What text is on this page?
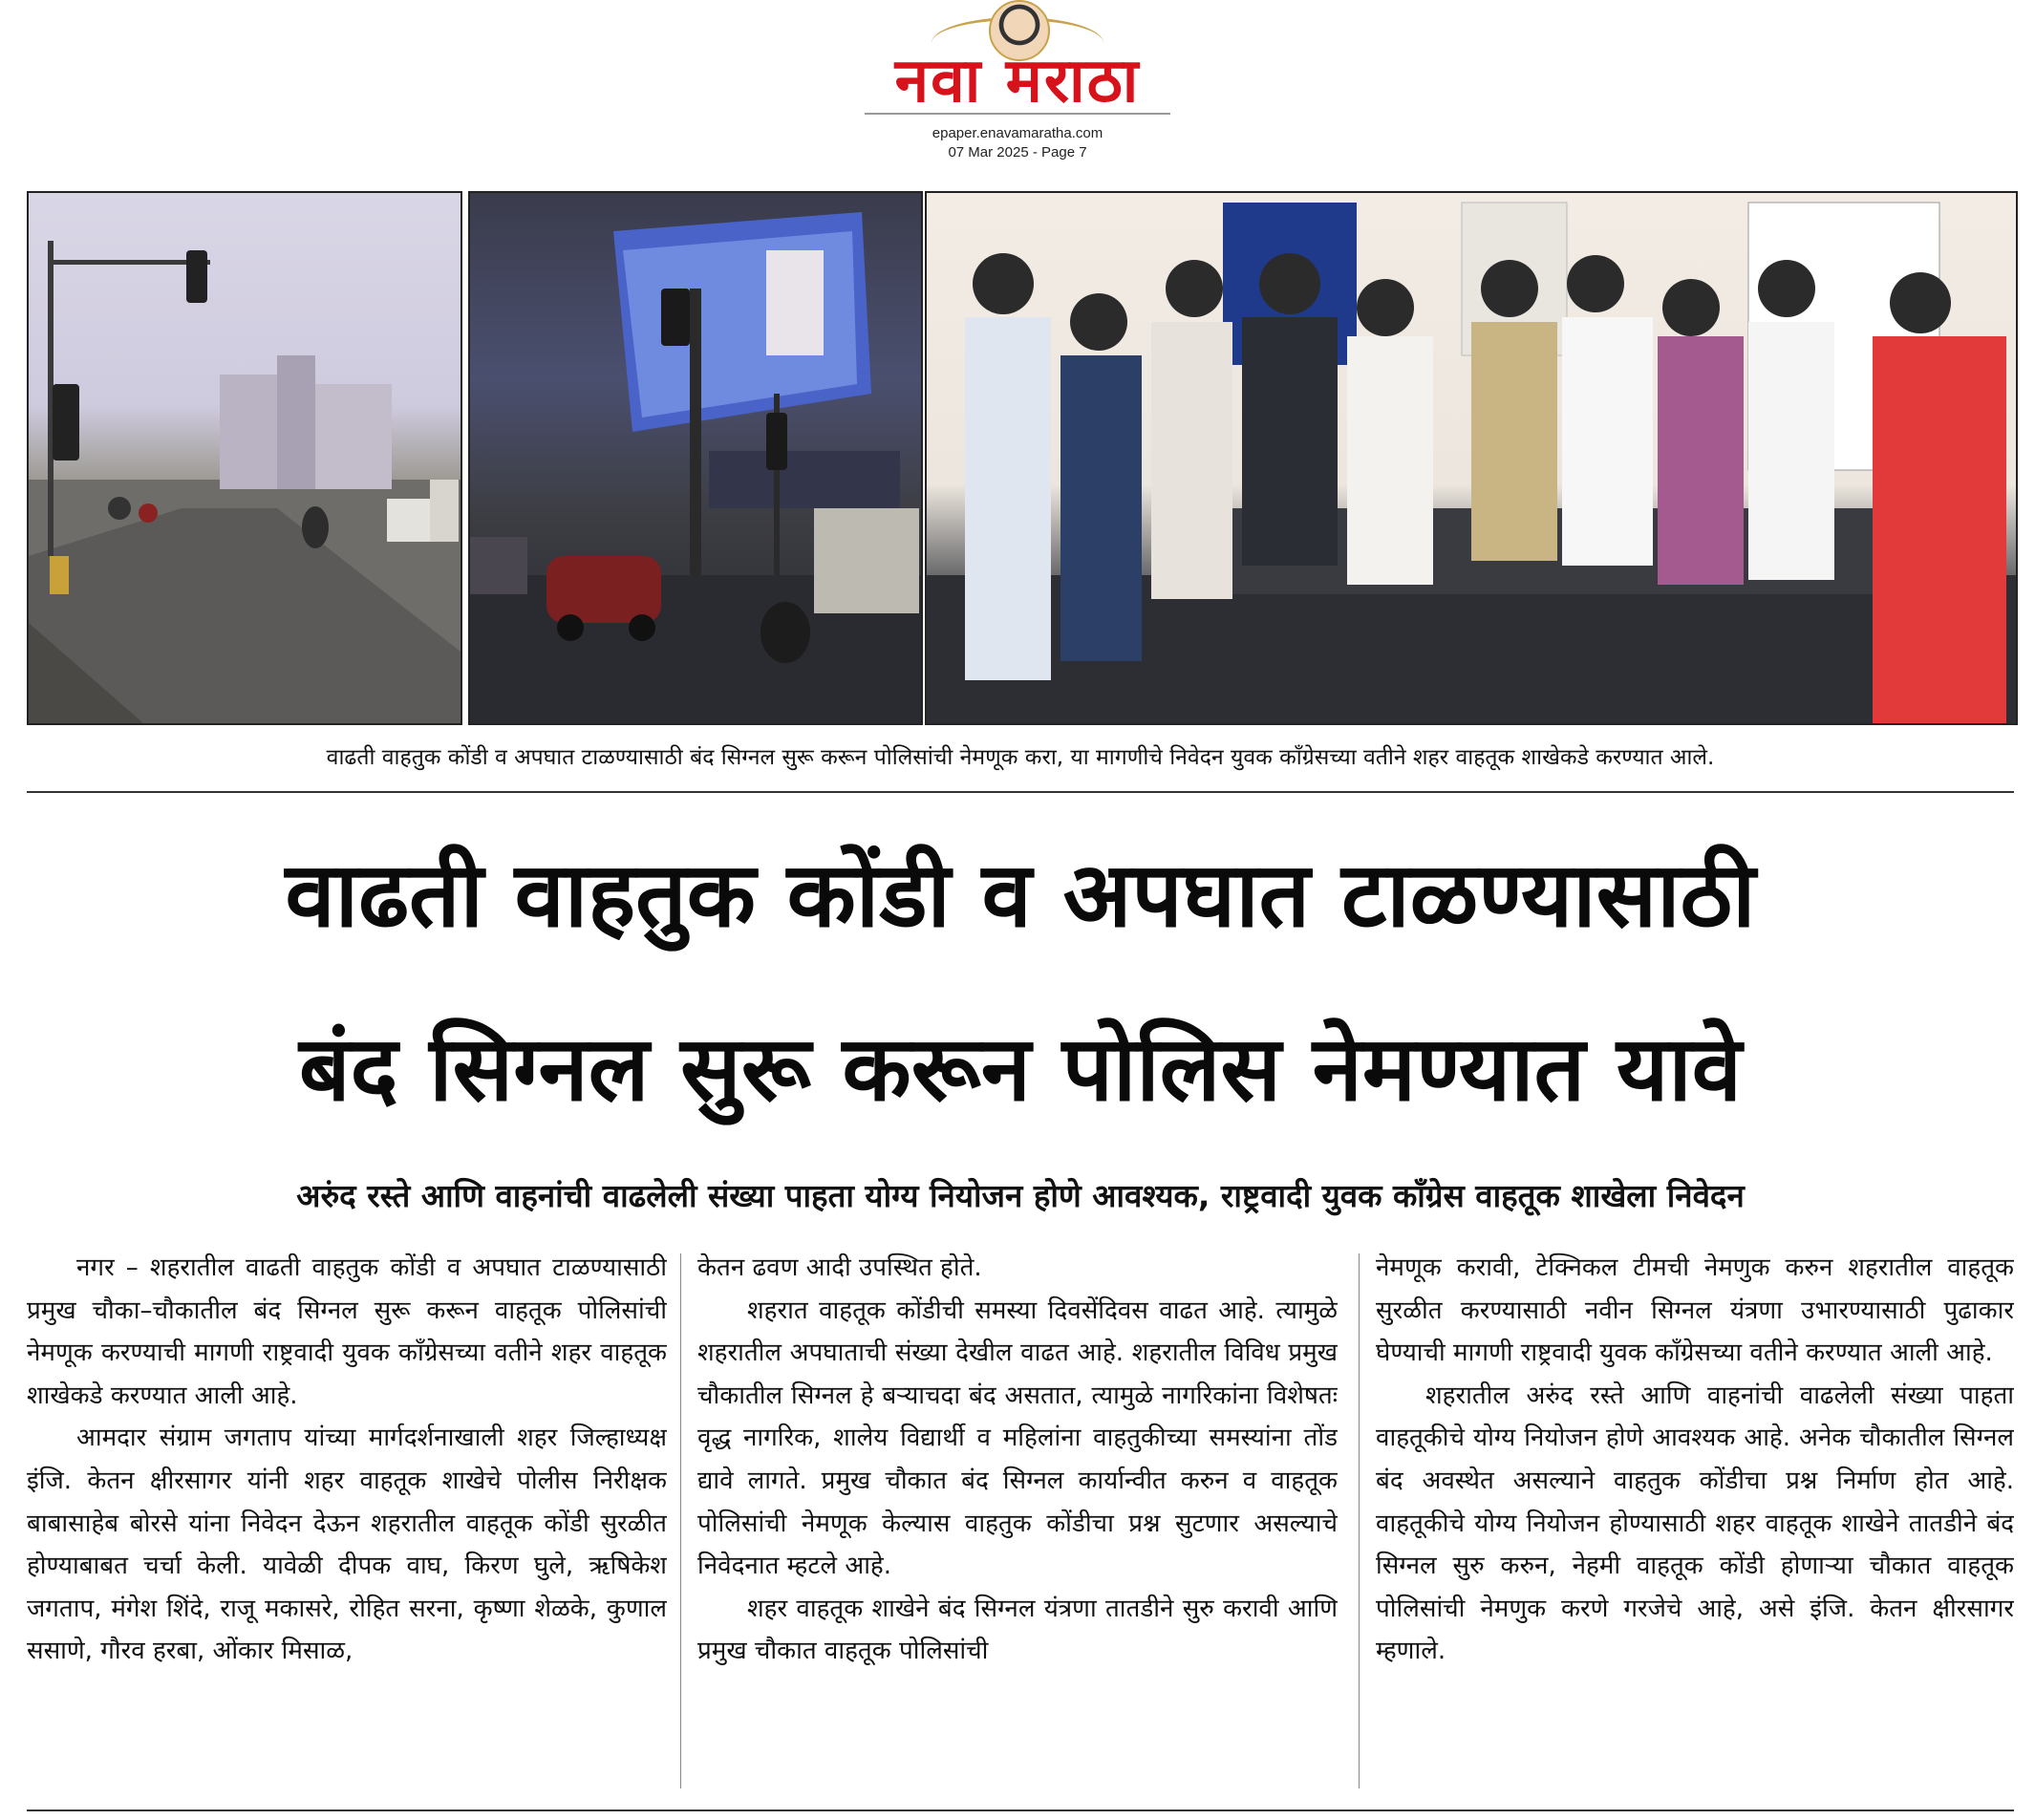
नवा मराठा
epaper.enavamaratha.com
07 Mar 2025 - Page 7
वाढती वाहतुक कोंडी व अपघात टाळण्यासाठी बंद सिग्नल सुरू करून पोलिसांची नेमणूक करा, या मागणीचे निवेदन युवक काँग्रेसच्या वतीने शहर वाहतूक शाखेकडे करण्यात आले.
वाढती वाहतुक कोंडी व अपघात टाळण्यासाठी
बंद सिग्नल सुरू करून पोलिस नेमण्यात यावे
अरुंद रस्ते आणि वाहनांची वाढलेली संख्या पाहता योग्य नियोजन होणे आवश्यक, राष्ट्रवादी युवक काँग्रेस वाहतूक शाखेला निवेदन

नगर – शहरातील वाढती वाहतुक कोंडी व अपघात टाळण्यासाठी प्रमुख चौका–चौकातील बंद सिग्नल सुरू करून वाहतूक पोलिसांची नेमणूक करण्याची मागणी राष्ट्रवादी युवक काँग्रेसच्या वतीने शहर वाहतूक शाखेकडे करण्यात आली आहे.

आमदार संग्राम जगताप यांच्या मार्गदर्शनाखाली शहर जिल्हाध्यक्ष इंजि. केतन क्षीरसागर यांनी शहर वाहतूक शाखेचे पोलीस निरीक्षक बाबासाहेब बोरसे यांना निवेदन देऊन शहरातील वाहतूक कोंडी सुरळीत होण्याबाबत चर्चा केली. यावेळी दीपक वाघ, किरण घुले, ऋषिकेश जगताप, मंगेश शिंदे, राजू मकासरे, रोहित सरना, कृष्णा शेळके, कुणाल ससाणे, गौरव हरबा, ओंकार मिसाळ,

केतन ढवण आदी उपस्थित होते.

शहरात वाहतूक कोंडीची समस्या दिवसेंदिवस वाढत आहे. त्यामुळे शहरातील अपघाताची संख्या देखील वाढत आहे. शहरातील विविध प्रमुख चौकातील सिग्नल हे बऱ्याचदा बंद असतात, त्यामुळे नागरिकांना विशेषतः वृद्ध नागरिक, शालेय विद्यार्थी व महिलांना वाहतुकीच्या समस्यांना तोंड द्यावे लागते. प्रमुख चौकात बंद सिग्नल कार्यान्वीत करुन व वाहतूक पोलिसांची नेमणूक केल्यास वाहतुक कोंडीचा प्रश्न सुटणार असल्याचे निवेदनात म्हटले आहे.

शहर वाहतूक शाखेने बंद सिग्नल यंत्रणा तातडीने सुरु करावी आणि प्रमुख चौकात वाहतूक पोलिसांची

नेमणूक करावी, टेक्निकल टीमची नेमणुक करुन शहरातील वाहतूक सुरळीत करण्यासाठी नवीन सिग्नल यंत्रणा उभारण्यासाठी पुढाकार घेण्याची मागणी राष्ट्रवादी युवक काँग्रेसच्या वतीने करण्यात आली आहे.

शहरातील अरुंद रस्ते आणि वाहनांची वाढलेली संख्या पाहता वाहतूकीचे योग्य नियोजन होणे आवश्यक आहे. अनेक चौकातील सिग्नल बंद अवस्थेत असल्याने वाहतुक कोंडीचा प्रश्न निर्माण होत आहे. वाहतूकीचे योग्य नियोजन होण्यासाठी शहर वाहतूक शाखेने तातडीने बंद सिग्नल सुरु करुन, नेहमी वाहतूक कोंडी होणाऱ्या चौकात वाहतूक पोलिसांची नेमणुक करणे गरजेचे आहे, असे इंजि. केतन क्षीरसागर म्हणाले.
